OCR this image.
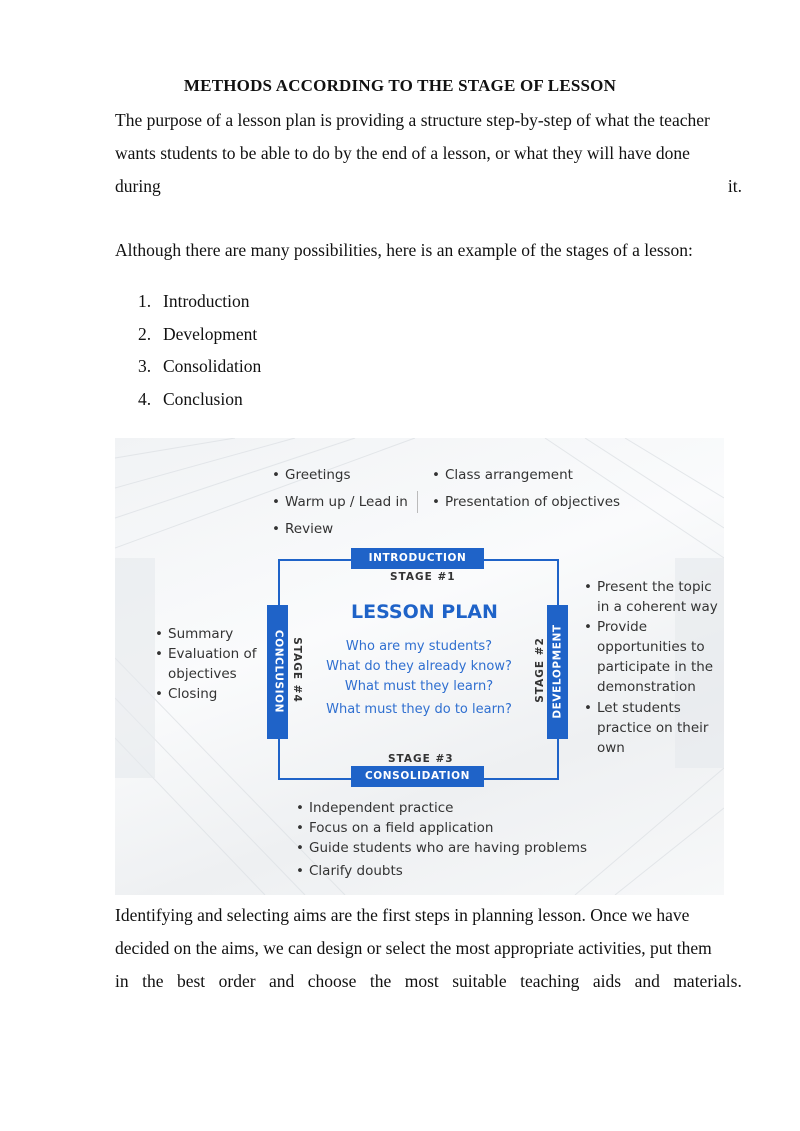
METHODS ACCORDING TO THE STAGE OF LESSON
The purpose of a lesson plan is providing a structure step-by-step of what the teacher
wants students to be able to do by the end of a lesson, or what they will have done
during	it.
Although there are many possibilities, here is an example of the stages of a lesson:
1. Introduction
2. Development
3. Consolidation
4. Conclusion
• Greetings
• Warm up / Lead in
• Review
• Class arrangement
• Presentation of objectives
INTRODUCTION
STAGE #1
LESSON PLAN
Who are my students?
What do they already know?
What must they learn?
What must they do to learn?	DEVELOPMENT
STAGE #2
• Present the topic
in a coherent way
• Provide
opportunities to
participate in the
demonstration
• Let students
practice on their
own
CONCLUSION STAGE #4
• Summary
• Evaluation of
objectives
• Closing
STAGE #3
CONSOLIDATION
• Independent practice
• Focus on a field application
• Guide students who are having problems
• Clarify doubts
Identifying and selecting aims are the first steps in planning lesson. Once we have
decided on the aims, we can design or select the most appropriate activities, put them
in the best order and choose the most suitable teaching aids and materials.
